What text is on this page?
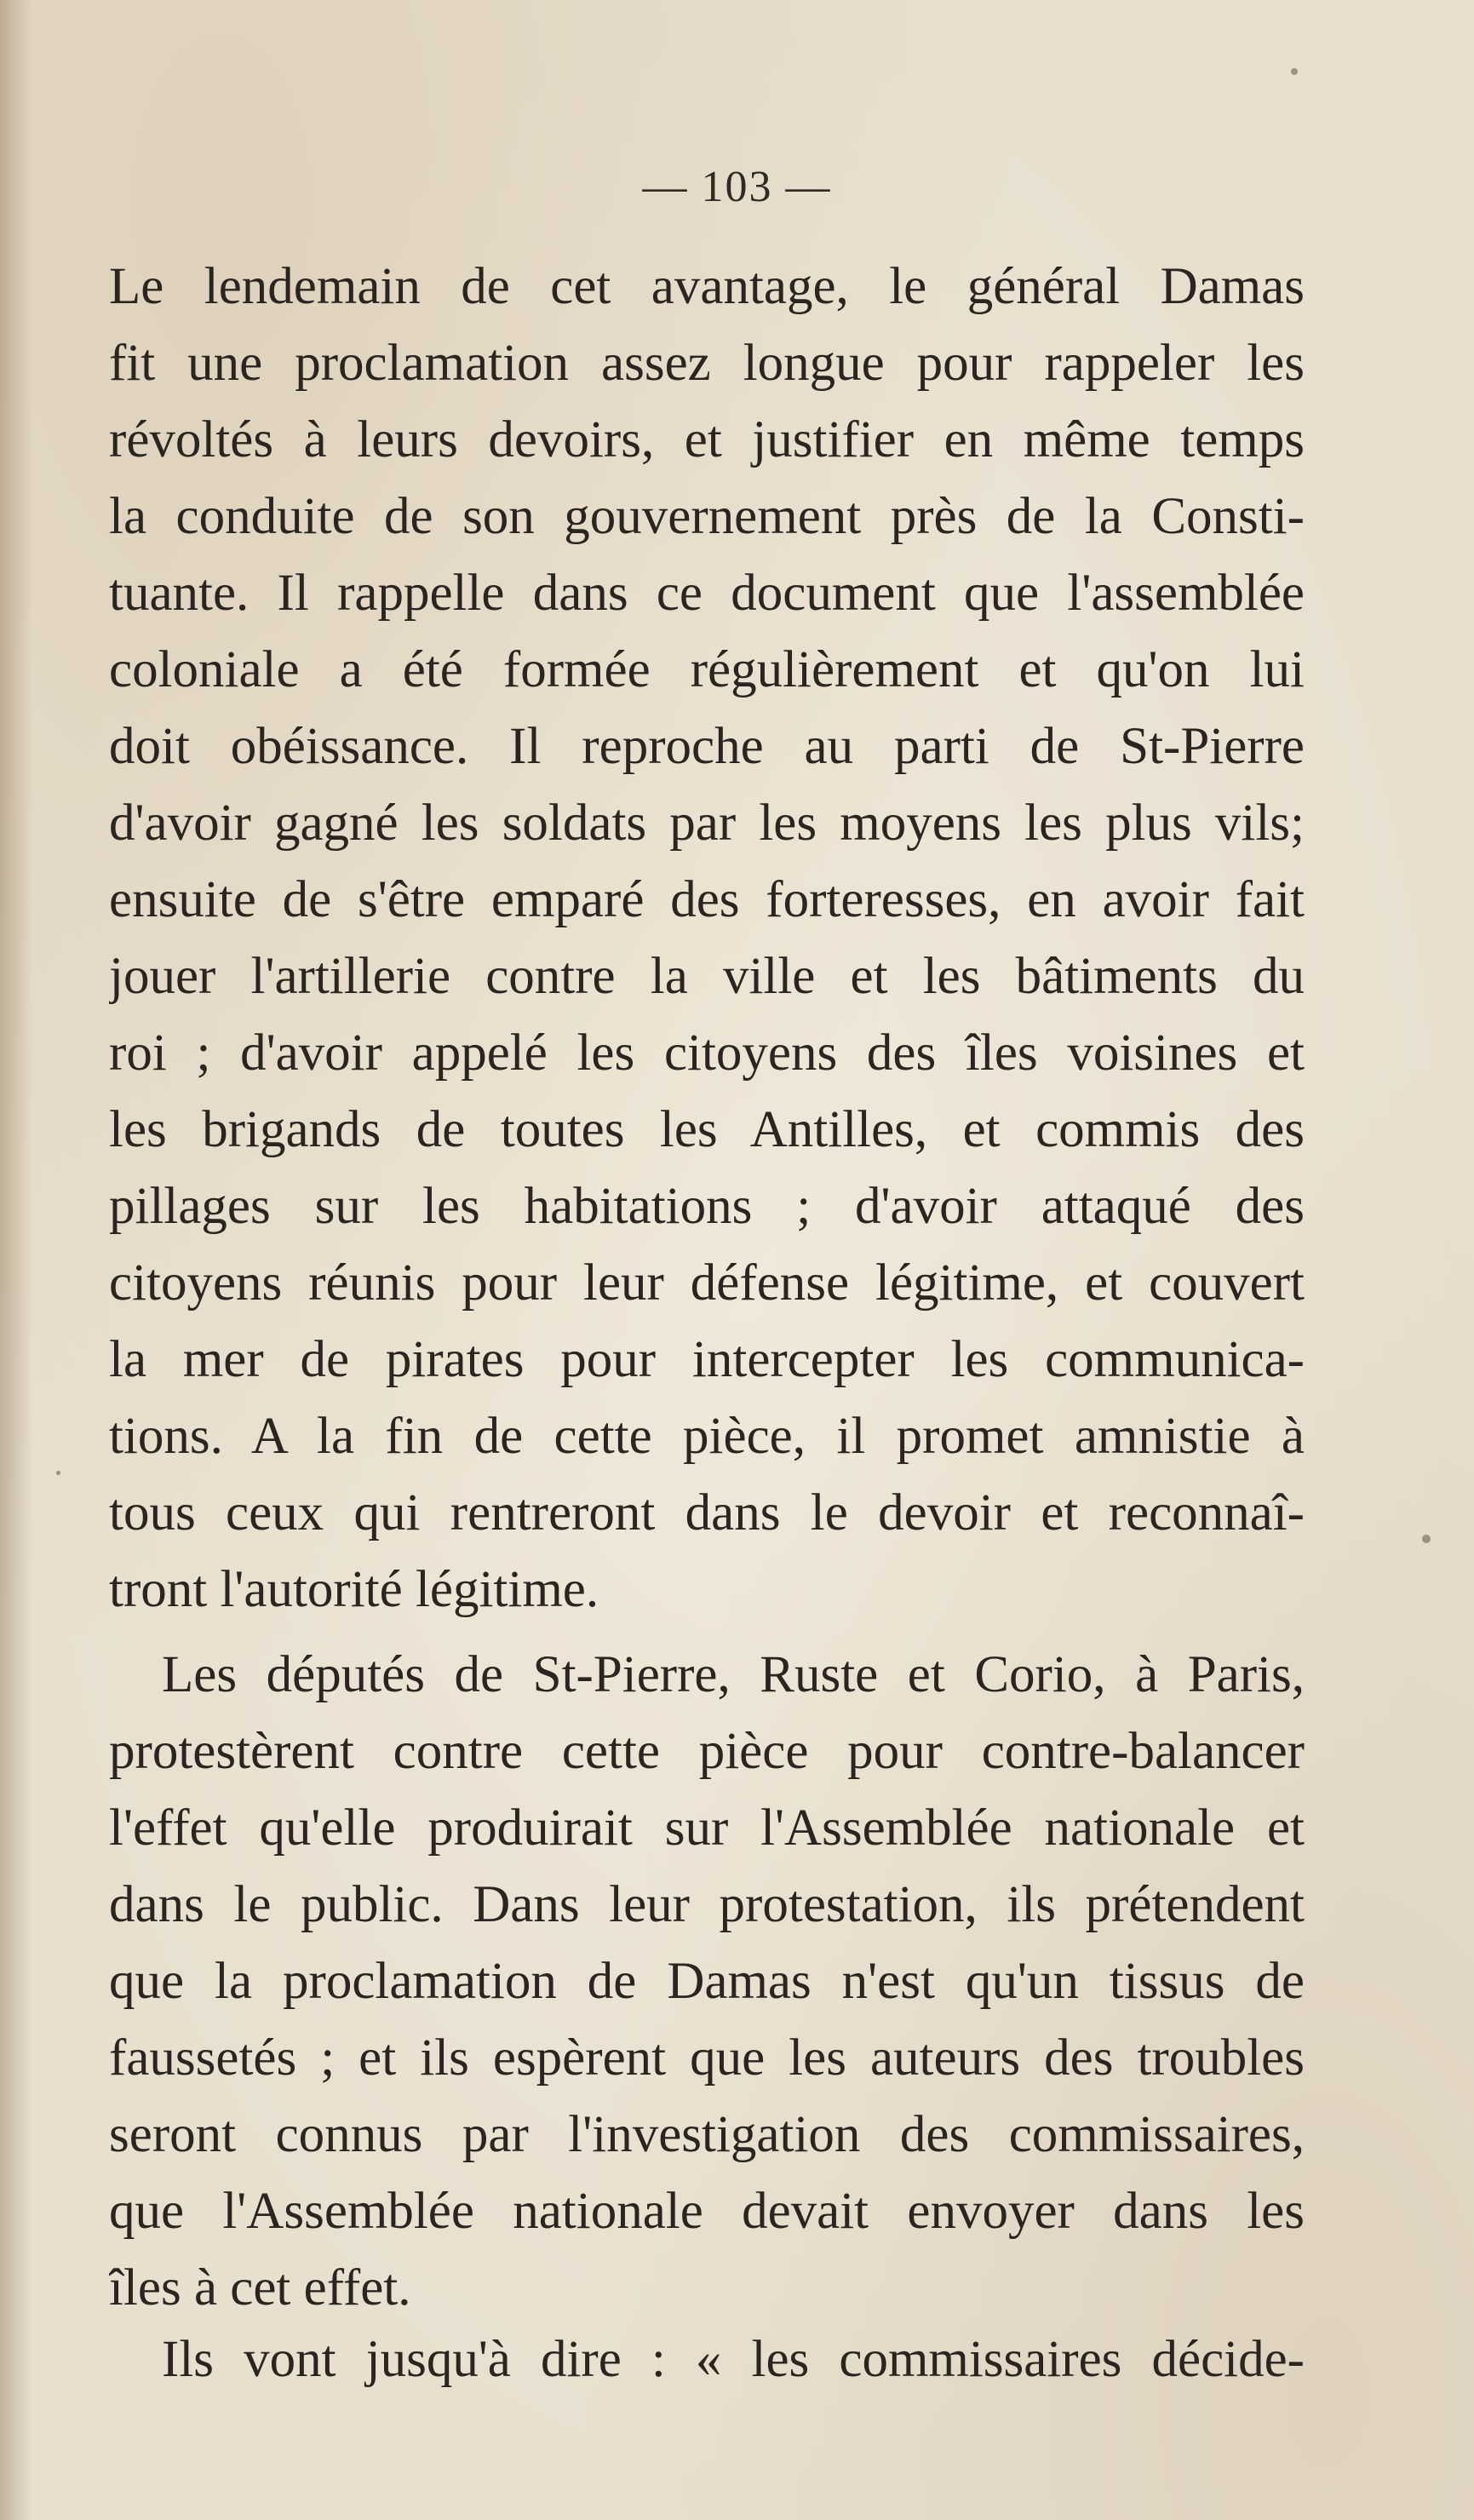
— 103 —
Le lendemain de cet avantage, le général Damas
fit une proclamation assez longue pour rappeler les
révoltés à leurs devoirs, et justifier en même temps
la conduite de son gouvernement près de la Consti-
tuante. Il rappelle dans ce document que l'assemblée
coloniale a été formée régulièrement et qu'on lui
doit obéissance. Il reproche au parti de St-Pierre
d'avoir gagné les soldats par les moyens les plus vils;
ensuite de s'être emparé des forteresses, en avoir fait
jouer l'artillerie contre la ville et les bâtiments du
roi ; d'avoir appelé les citoyens des îles voisines et
les brigands de toutes les Antilles, et commis des
pillages sur les habitations ; d'avoir attaqué des
citoyens réunis pour leur défense légitime, et couvert
la mer de pirates pour intercepter les communica-
tions. A la fin de cette pièce, il promet amnistie à
tous ceux qui rentreront dans le devoir et reconnaî-
tront l'autorité légitime.
Les députés de St-Pierre, Ruste et Corio, à Paris,
protestèrent contre cette pièce pour contre-balancer
l'effet qu'elle produirait sur l'Assemblée nationale et
dans le public. Dans leur protestation, ils prétendent
que la proclamation de Damas n'est qu'un tissus de
faussetés ; et ils espèrent que les auteurs des troubles
seront connus par l'investigation des commissaires,
que l'Assemblée nationale devait envoyer dans les
îles à cet effet.
Ils vont jusqu'à dire : « les commissaires décide-
